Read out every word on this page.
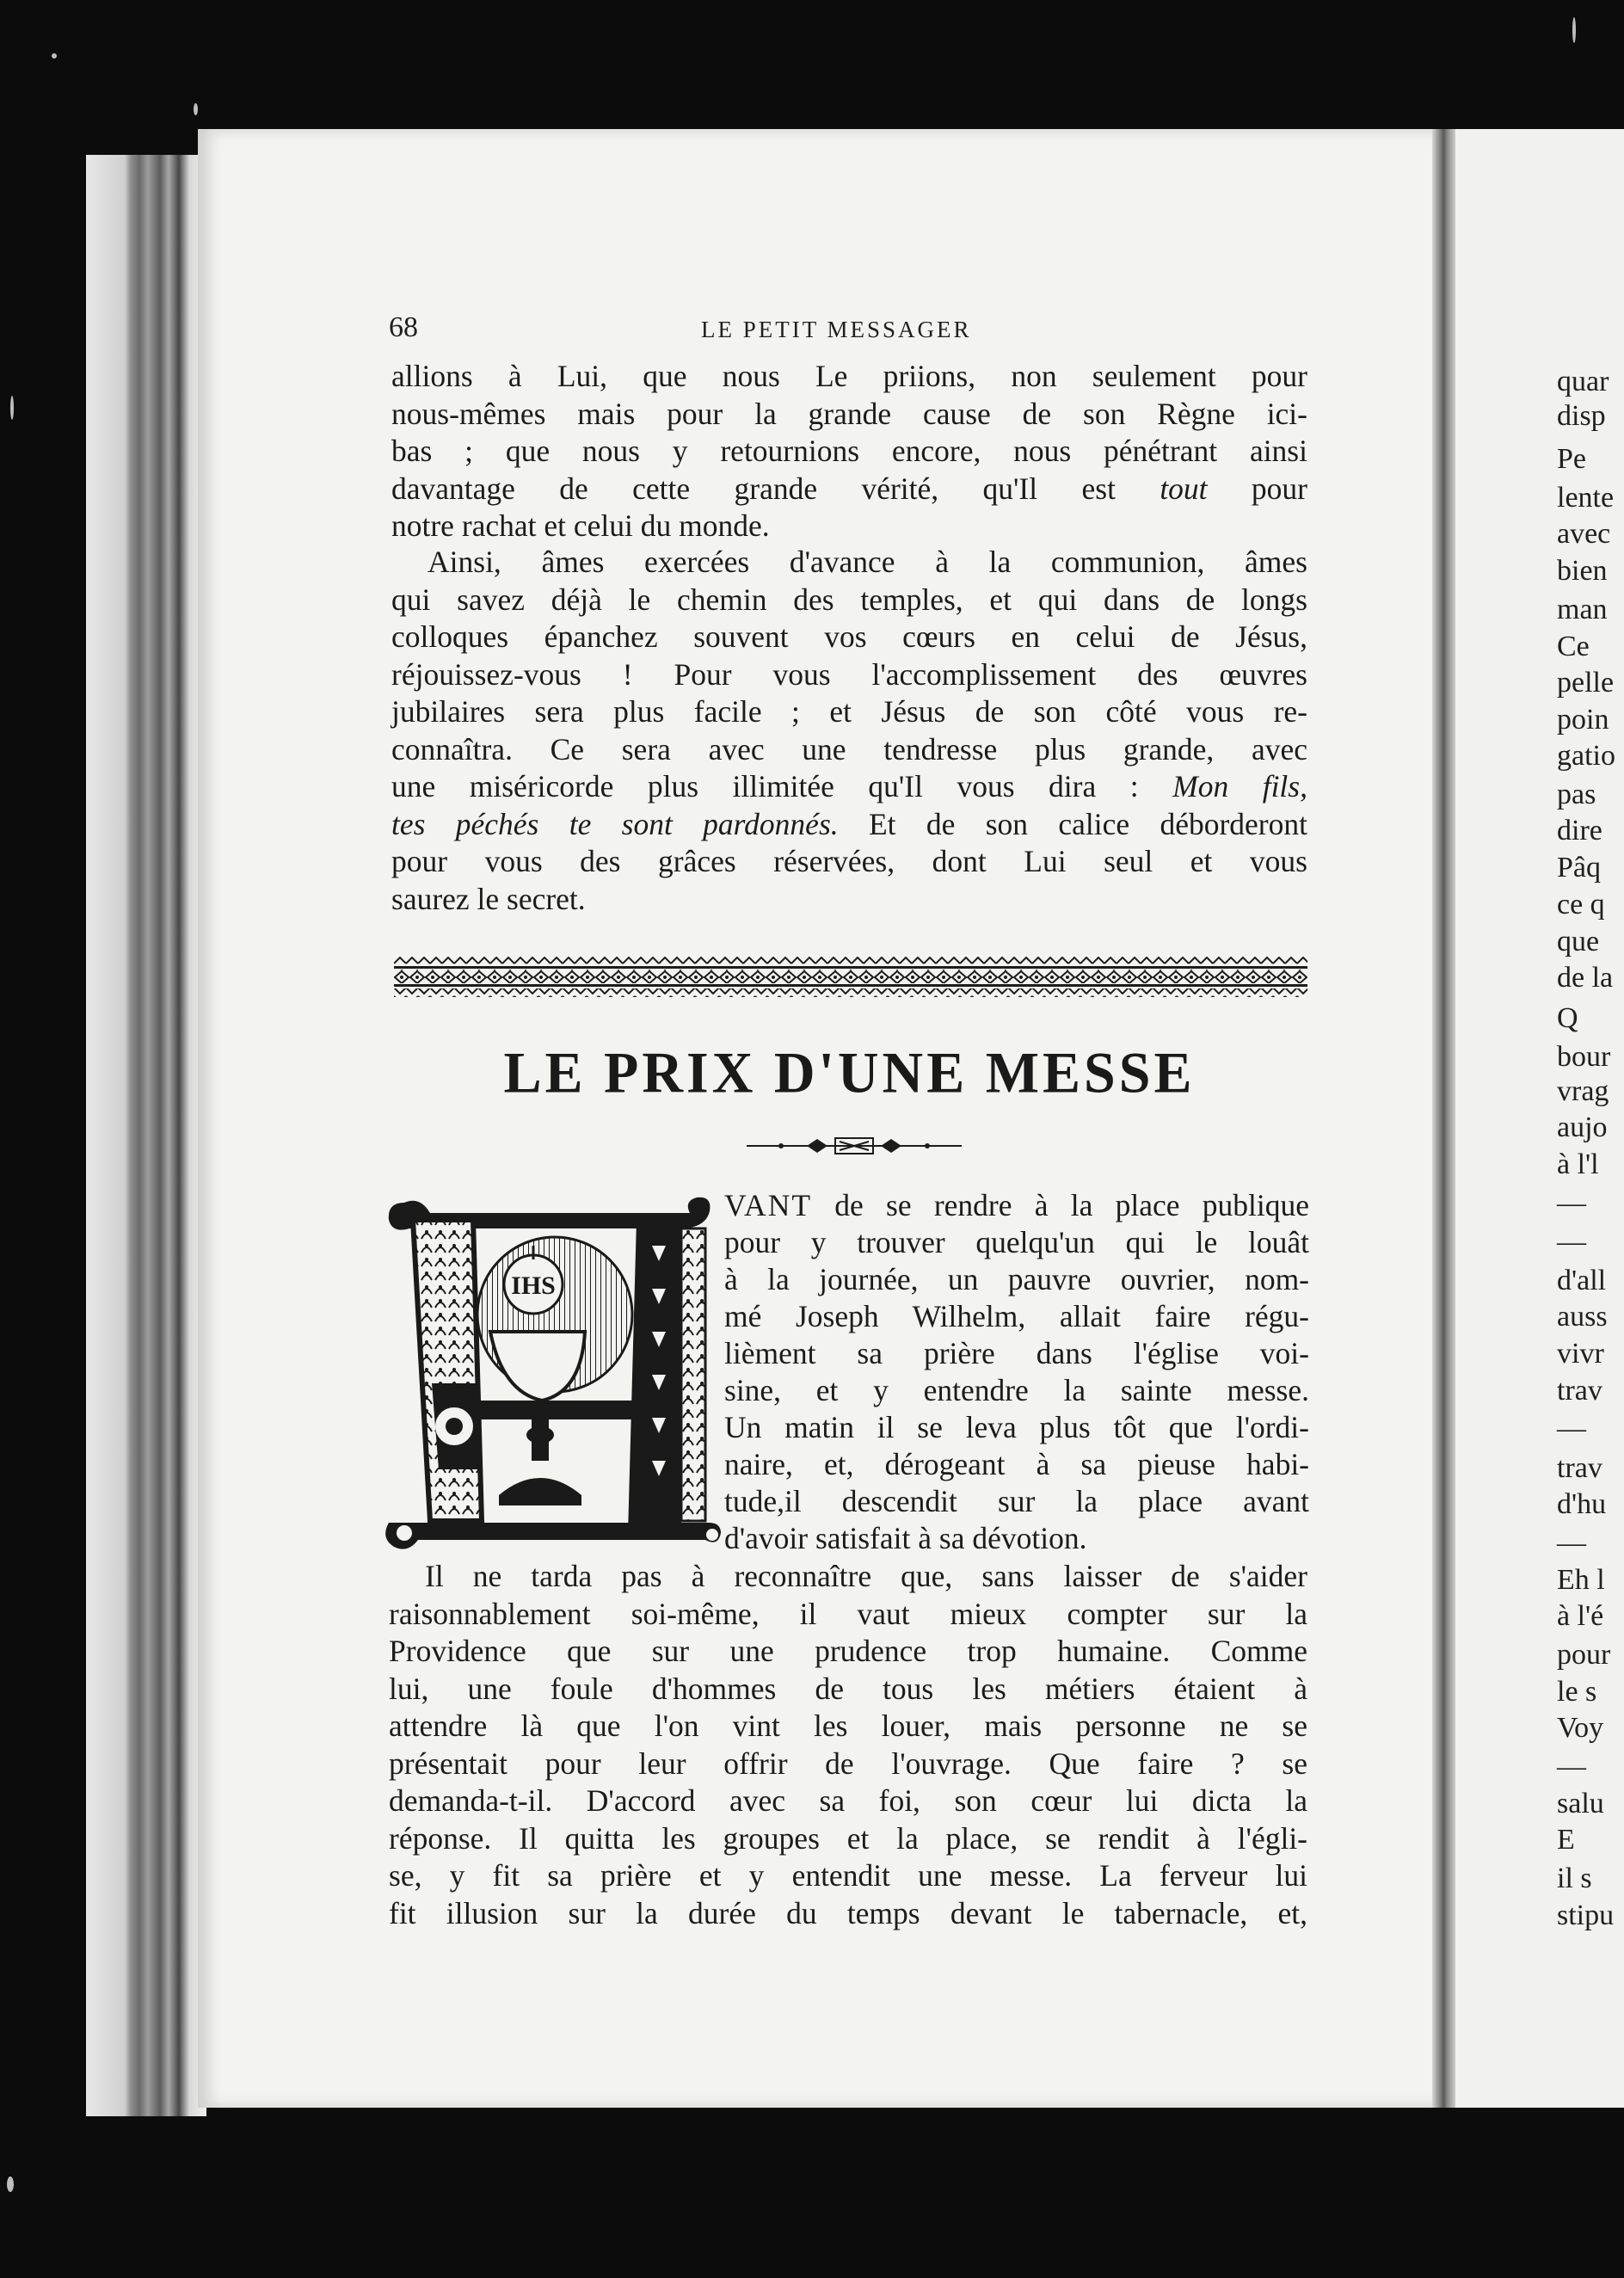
quar
disp
Pe
lente
avec
bien
man
Ce
pelle
poin
gatio
pas
dire
Pâq
ce q
que
de la
Q
bour
vrag
aujo
à l'l
—
—
d'all
auss
vivr
trav
—
trav
d'hu
—
Eh l
à l'é
pour
le s
Voy
—
salu
E
il s
stipu
68	LE PETIT MESSAGER
allions à Lui, que nous Le priions, non seulement pour
nous-mêmes mais pour la grande cause de son Règne ici-
bas ; que nous y retournions encore, nous pénétrant ainsi
davantage de cette grande vérité, qu'Il est tout pour
notre rachat et celui du monde.
Ainsi, âmes exercées d'avance à la communion, âmes
qui savez déjà le chemin des temples, et qui dans de longs
colloques épanchez souvent vos cœurs en celui de Jésus,
réjouissez-vous ! Pour vous l'accomplissement des œuvres
jubilaires sera plus facile ; et Jésus de son côté vous re-
connaîtra. Ce sera avec une tendresse plus grande, avec
une miséricorde plus illimitée qu'Il vous dira : Mon fils,
tes péchés te sont pardonnés. Et de son calice déborderont
pour vous des grâces réservées, dont Lui seul et vous
saurez le secret.
LE PRIX D'UNE MESSE
IHS
A
VANT de se rendre à la place publique
pour y trouver quelqu'un qui le louât
à la journée, un pauvre ouvrier, nom-
mé Joseph Wilhelm, allait faire régu-
lièment sa prière dans l'église voi-
sine, et y entendre la sainte messe.
Un matin il se leva plus tôt que l'ordi-
naire, et, dérogeant à sa pieuse habi-
tude,il descendit sur la place avant
d'avoir satisfait à sa dévotion.
Il ne tarda pas à reconnaître que, sans laisser de s'aider
raisonnablement soi-même, il vaut mieux compter sur la
Providence que sur une prudence trop humaine. Comme
lui, une foule d'hommes de tous les métiers étaient à
attendre là que l'on vint les louer, mais personne ne se
présentait pour leur offrir de l'ouvrage. Que faire ? se
demanda-t-il. D'accord avec sa foi, son cœur lui dicta la
réponse. Il quitta les groupes et la place, se rendit à l'égli-
se, y fit sa prière et y entendit une messe. La ferveur lui
fit illusion sur la durée du temps devant le tabernacle, et,
